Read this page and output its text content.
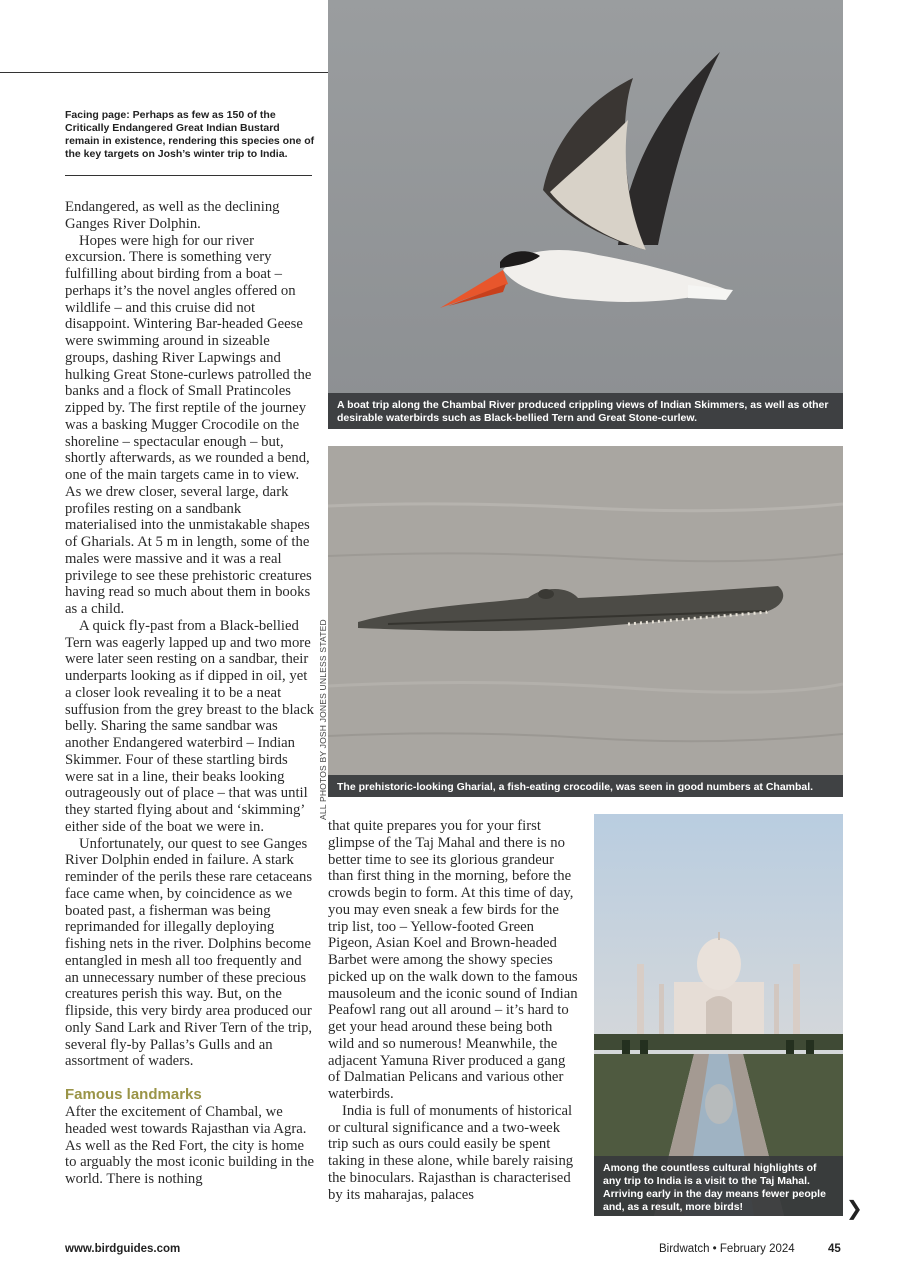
Facing page: Perhaps as few as 150 of the Critically Endangered Great Indian Bustard remain in existence, rendering this species one of the key targets on Josh’s winter trip to India.

Endangered, as well as the declining Ganges River Dolphin.

Hopes were high for our river excursion. There is something very fulfilling about birding from a boat – perhaps it’s the novel angles offered on wildlife – and this cruise did not disappoint. Wintering Bar-headed Geese were swimming around in sizeable groups, dashing River Lapwings and hulking Great Stone-curlews patrolled the banks and a flock of Small Pratincoles zipped by. The first reptile of the journey was a basking Mugger Crocodile on the shoreline – spectacular enough – but, shortly afterwards, as we rounded a bend, one of the main targets came in to view. As we drew closer, several large, dark profiles resting on a sandbank materialised into the unmistakable shapes of Gharials. At 5 m in length, some of the males were massive and it was a real privilege to see these prehistoric creatures having read so much about them in books as a child.

A quick fly-past from a Black-bellied Tern was eagerly lapped up and two more were later seen resting on a sandbar, their underparts looking as if dipped in oil, yet a closer look revealing it to be a neat suffusion from the grey breast to the black belly. Sharing the same sandbar was another Endangered waterbird – Indian Skimmer. Four of these startling birds were sat in a line, their beaks looking outrageously out of place – that was until they started flying about and ‘skimming’ either side of the boat we were in.

Unfortunately, our quest to see Ganges River Dolphin ended in failure. A stark reminder of the perils these rare cetaceans face came when, by coincidence as we boated past, a fisherman was being reprimanded for illegally deploying fishing nets in the river. Dolphins become entangled in mesh all too frequently and an unnecessary number of these precious creatures perish this way. But, on the flipside, this very birdy area produced our only Sand Lark and River Tern of the trip, several fly-by Pallas’s Gulls and an assortment of waders.

Famous landmarks

After the excitement of Chambal, we headed west towards Rajasthan via Agra. As well as the Red Fort, the city is home to arguably the most iconic building in the world. There is nothing

that quite prepares you for your first glimpse of the Taj Mahal and there is no better time to see its glorious grandeur than first thing in the morning, before the crowds begin to form. At this time of day, you may even sneak a few birds for the trip list, too – Yellow-footed Green Pigeon, Asian Koel and Brown-headed Barbet were among the showy species picked up on the walk down to the famous mausoleum and the iconic sound of Indian Peafowl rang out all around – it’s hard to get your head around these being both wild and so numerous! Meanwhile, the adjacent Yamuna River produced a gang of Dalmatian Pelicans and various other waterbirds.

India is full of monuments of historical or cultural significance and a two-week trip such as ours could easily be spent taking in these alone, while barely raising the binoculars. Rajasthan is characterised by its maharajas, palaces

A boat trip along the Chambal River produced crippling views of Indian Skimmers, as well as other desirable waterbirds such as Black-bellied Tern and Great Stone-curlew.
The prehistoric-looking Gharial, a fish-eating crocodile, was seen in good numbers at Chambal.
ALL PHOTOS BY JOSH JONES UNLESS STATED
Among the countless cultural highlights of any trip to India is a visit to the Taj Mahal. Arriving early in the day means fewer people and, as a result, more birds!	❯
www.birdguides.com	Birdwatch • February 2024	45
